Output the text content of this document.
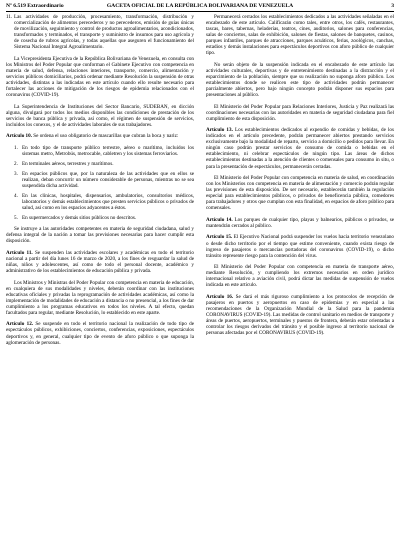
Nº 6.519 Extraordinario	GACETA OFICIAL DE LA REPÚBLICA BOLIVARIANA DE VENEZUELA	3
11. Las actividades de producción, procesamiento, transformación, distribución y comercialización de alimentos perecederos y no perecederos, emisión de guías únicas de movilización, seguimiento y control de productos agroalimentarios, acondicionados, transformados y terminados, el transporte y suministro de insumos para uso agrícola y de cosecha de rubros agrícolas, y todas aquellas que aseguren el funcionamiento del Sistema Nacional Integral Agroalimentario.

La Vicepresidenta Ejecutiva de la República Bolivariana de Venezuela, en consulta con los Ministros del Poder Popular que conforman el Gabinete Ejecutivo con competencia en materia de salud, defensa, relaciones interiores, transporte, comercio, alimentación y servicios públicos domiciliarios, podrá ordenar mediante Resolución la suspensión de otras actividades, distintas a las indicadas en este artículo cuando ello resulte necesario para fortalecer las acciones de mitigación de los riesgos de epidemia relacionados con el coronavirus (COVID-19).

La Superintendencia de Instituciones del Sector Bancario, SUDEBAN, en dicción alguna, divulgará por todos los medios disponibles las condiciones de prestación de los servicios de banca pública y privada, así como, el régimen de suspensión de servicios, incluidos los conexos, y el de actividades laborales de sus trabajadores.

Artículo 10. Se ordena el uso obligatorio de mascarillas que cubran la boca y nariz:

1. En todo tipo de transporte público terrestre, aéreo o marítimo, incluidos los sistemas metro, Metrobús, metrocable, cabletren y los sistemas ferroviarios.
2. En terminales aéreos, terrestres y marítimos.
3. En espacios públicos que, por la naturaleza de las actividades que en ellos se realizan, deban concurrir un número considerable de personas, mientras no se sea suspendida dicha actividad.
4. En las clínicas, hospitales, dispensarios, ambulatorios, consultorios médicos, laboratorios y demás establecimientos que presten servicios públicos o privados de salud, así como en los espacios adyacentes a éstos.
5. En supermercados y demás sitios públicos no descritos.

Se instruye a las autoridades competentes en materia de seguridad ciudadana, salud y defensa integral de la nación a tomar las previsiones necesarias para hacer cumplir esta disposición.

Artículo 11. Se suspenden las actividades escolares y académicas en todo el territorio nacional a partir del día lunes 16 de marzo de 2020, a los fines de resguardar la salud de niñas, niños y adolescentes, así como de todo el personal docente, académico y administrativo de los establecimientos de educación pública y privada.

Los Ministros y Ministras del Poder Popular con competencia en materia de educación, en cualquiera de sus modalidades y niveles, deberán coordinar con las instituciones educativas oficiales y privadas la reprogramación de actividades académicas, así como la implementación de modalidades de educación a distancia o no presencial, a los fines de dar cumplimiento a los programas educativos en todos los niveles. A tal efecto, quedan facultados para regular, mediante Resolución, lo establecido en este aparte.

Artículo 12. Se suspende en todo el territorio nacional la realización de todo tipo de espectáculos públicos, exhibiciones, conciertos, conferencias, exposiciones, espectáculos deportivos y, en general, cualquier tipo de evento de aforo público o que suponga la aglomeración de personas.

Permanecerá cerrados los establecimientos dedicados a las actividades señaladas en el encabezado de este artículo. Calificarán como tales, entre otros, los cafés, restaurantes, tascas, bares, tabernas, heladerías, teatros, cines, auditorios, salones para conferencias, salas de conciertos, salas de exhibición, salones de fiestas, salones de banquetes, casinos, parques infantiles, parques de atracciones, parques acuáticos, ferias, zoológicos, canchas, estadios y demás instalaciones para espectáculos deportivos con aforo público de cualquier tipo.

No serán objeto de la suspensión indicada en el encabezado de este artículo las actividades culturales, deportivas y de entretenimiento destinadas a la distracción y el esparcimiento de la población, siempre que su realización no suponga aforo público. Los establecimientos donde se realicen este tipo de actividades podrán permanecer parcialmente abiertos, pero bajo ningún concepto podrán disponer sus espacios para presentaciones al público.

El Ministerio del Poder Popular para Relaciones Interiores, Justicia y Paz realizará las coordinaciones necesarias con las autoridades en materia de seguridad ciudadana para fiel cumplimiento de esta disposición.

Artículo 13. Los establecimientos dedicados al expendio de comidas y bebidas, de los indicados en el artículo precedente, podrán permanecer abiertos prestando servicios exclusivamente bajo la modalidad de reparto, servicio a domicilio o pedidos para llevar. En ningún caso podrán prestar servicios de consumo de comida o bebidas en el establecimiento, ni celebrar espectáculos de ningún tipo. Las áreas de dichos establecimientos destinadas a la atención de clientes o comensales para consumo in situ, o para la presentación de espectáculos, permanecerán cerradas.

El Ministerio del Poder Popular con competencia en materia de salud, en coordinación con los Ministerios con competencia en materia de alimentación y comercio podrán regular las previsiones de esta disposición. De ser necesario, establecerán también la regulación especial para establecimientos públicos, o privados de beneficencia pública, comedores para trabajadores y otros que cumplan con esta finalidad, en espacios de aforo público para comensales.

Artículo 14. Los parques de cualquier tipo, playas y balnearios, públicos o privados, se mantendrán cerrados al público.

Artículo 15. El Ejecutivo Nacional podrá suspender los vuelos hacia territorio venezolano o desde dicho territorio por el tiempo que estime conveniente, cuando exista riesgo de ingreso de pasajeros o mercancías portadoras del coronavirus (COVID-19), o dicho tránsito represente riesgo para la contención del virus.

El Ministerio del Poder Popular con competencia en materia de transporte aéreo, mediante Resolución, y cumpliendo los extremos necesarios en orden jurídico internacional relativo a aviación civil, podrá dictar las medidas de suspensión de vuelos indicada en este artículo.

Artículo 16. Se dará el más riguroso cumplimiento a los protocolos de recepción de pasajeros en puertos y aeropuertos en caso de epidemias y en especial a las recomendaciones de la Organización Mundial de la Salud para la pandemia CORONAVIRUS (COVID-19). Las medidas de control sanitario en medios de transporte y áreas de puertos, aeropuertos, terminales y puestos de frontera, deberán estar orientadas a controlar los riesgos derivados del tránsito y el posible ingreso al territorio nacional de personas afectadas por el CORONAVIRUS (COVID-19).
